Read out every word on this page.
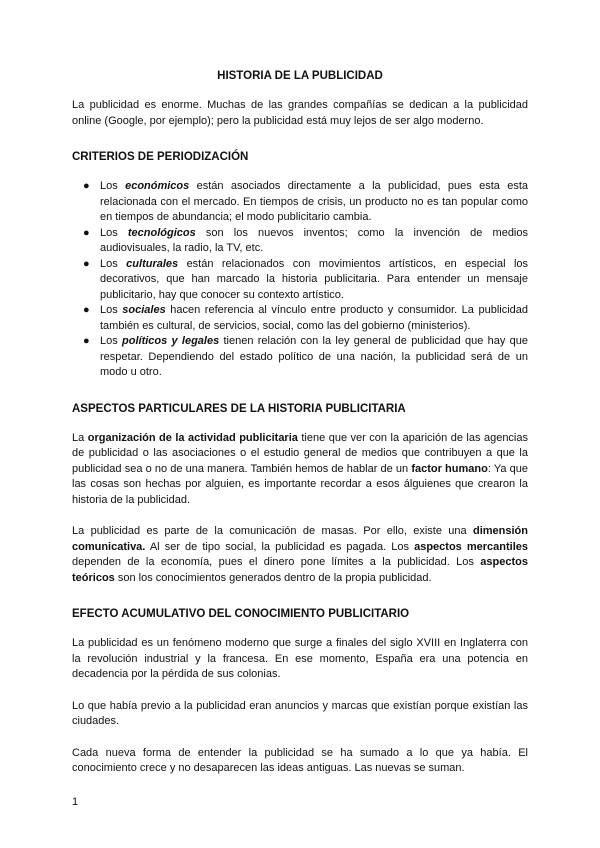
HISTORIA DE LA PUBLICIDAD

La publicidad es enorme. Muchas de las grandes compañías se dedican a la publicidad online (Google, por ejemplo); pero la publicidad está muy lejos de ser algo moderno.

CRITERIOS DE PERIODIZACIÓN
● Los económicos están asociados directamente a la publicidad, pues esta esta relacionada con el mercado. En tiempos de crisis, un producto no es tan popular como en tiempos de abundancia; el modo publicitario cambia.
● Los tecnológicos son los nuevos inventos; como la invención de medios audiovisuales, la radio, la TV, etc.
● Los culturales están relacionados con movimientos artísticos, en especial los decorativos, que han marcado la historia publicitaria. Para entender un mensaje publicitario, hay que conocer su contexto artístico.
● Los sociales hacen referencia al vínculo entre producto y consumidor. La publicidad también es cultural, de servicios, social, como las del gobierno (ministerios).
● Los políticos y legales tienen relación con la ley general de publicidad que hay que respetar. Dependiendo del estado político de una nación, la publicidad será de un modo u otro.
ASPECTOS PARTICULARES DE LA HISTORIA PUBLICITARIA

La organización de la actividad publicitaria tiene que ver con la aparición de las agencias de publicidad o las asociaciones o el estudio general de medios que contribuyen a que la publicidad sea o no de una manera. También hemos de hablar de un factor humano: Ya que las cosas son hechas por alguien, es importante recordar a esos álguienes que crearon la historia de la publicidad.

La publicidad es parte de la comunicación de masas. Por ello, existe una dimensión comunicativa. Al ser de tipo social, la publicidad es pagada. Los aspectos mercantiles dependen de la economía, pues el dinero pone límites a la publicidad. Los aspectos teóricos son los conocimientos generados dentro de la propia publicidad.

EFECTO ACUMULATIVO DEL CONOCIMIENTO PUBLICITARIO

La publicidad es un fenómeno moderno que surge a finales del siglo XVIII en Inglaterra con la revolución industrial y la francesa. En ese momento, España era una potencia en decadencia por la pérdida de sus colonias.

Lo que había previo a la publicidad eran anuncios y marcas que existían porque existían las ciudades.

Cada nueva forma de entender la publicidad se ha sumado a lo que ya había. El conocimiento crece y no desaparecen las ideas antiguas. Las nuevas se suman.

1
